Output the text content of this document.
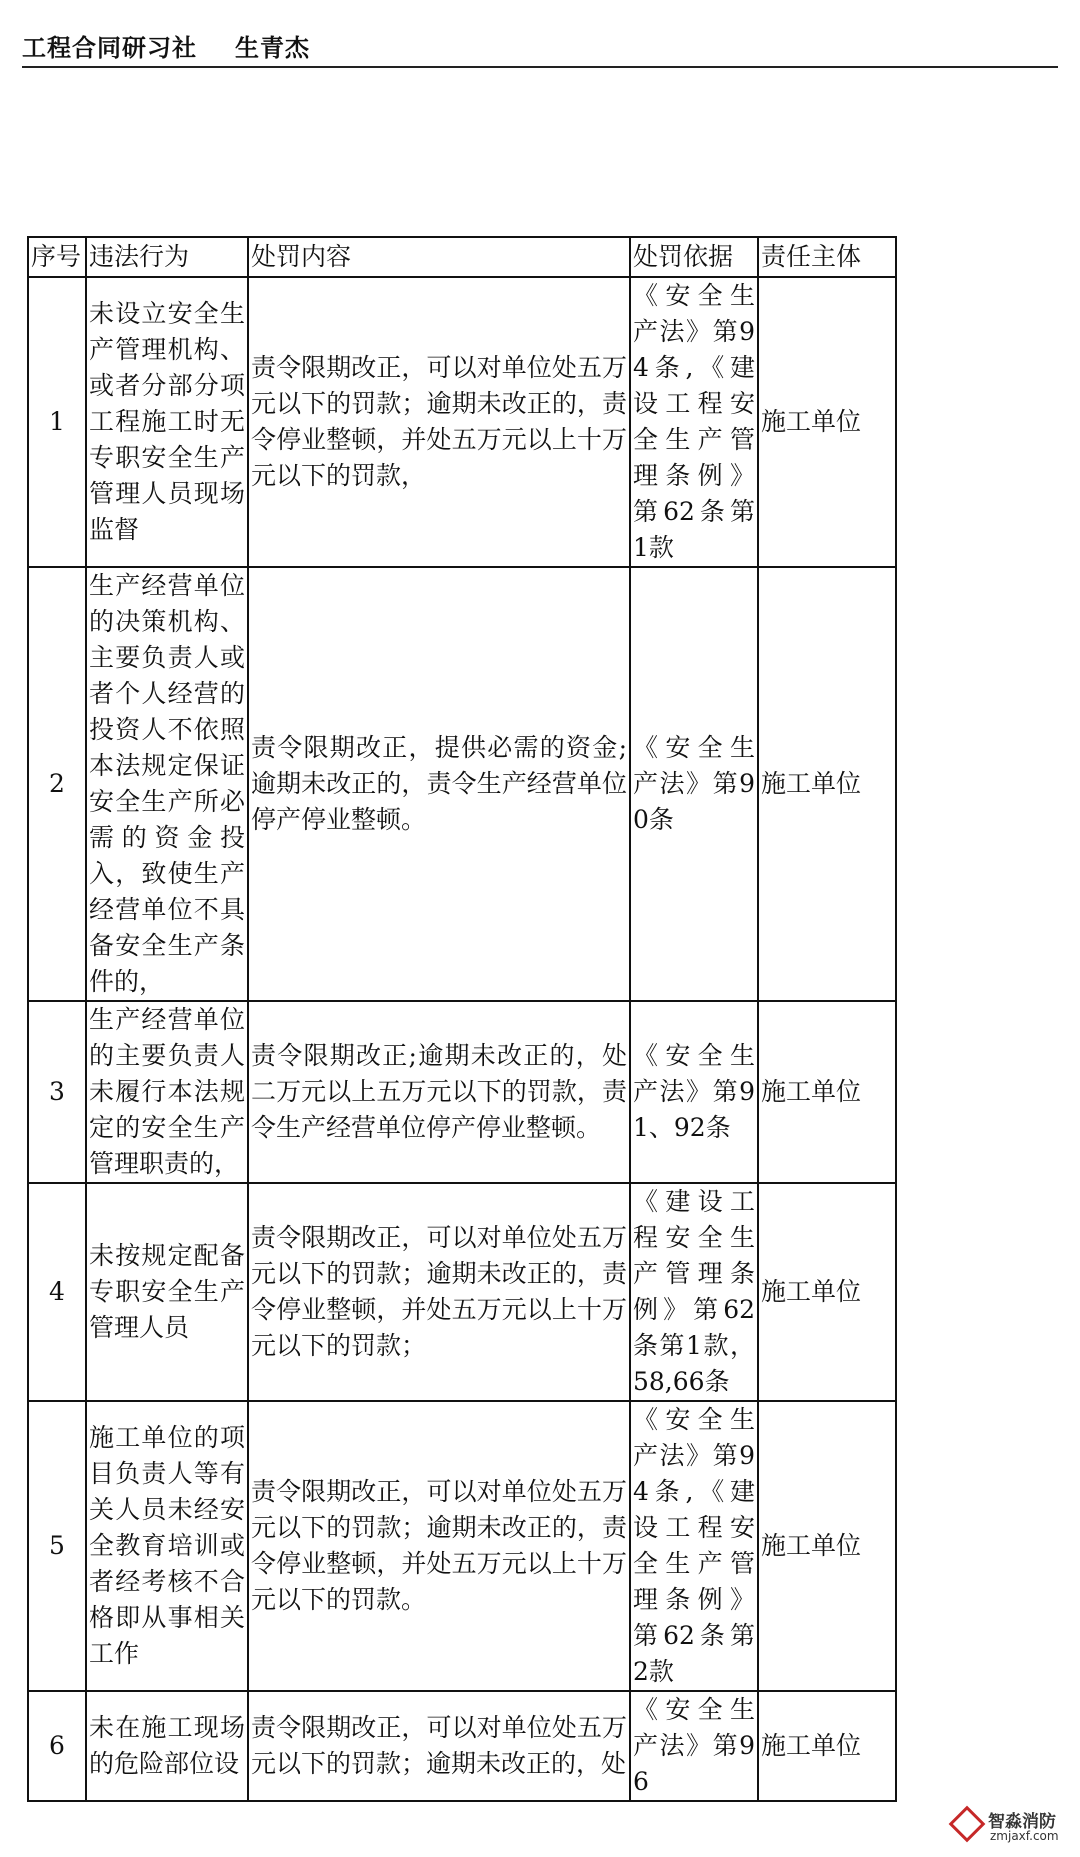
工程合同研习社 生青杰
序号	违法行为	处罚内容	处罚依据	责任主体
1	未设立安全生产管理机构、或者分部分项工程施工时无专职安全生产管理人员现场监督	责令限期改正，可以对单位处五万元以下的罚款；逾期未改正的，责令停业整顿，并处五万元以上十万元以下的罚款，	《安全生产法》第94条,《建设工程安全生产管理条例》第62条第1款	施工单位
2	生产经营单位的决策机构、主要负责人或者个人经营的投资人不依照本法规定保证安全生产所必需的资金投入，致使生产经营单位不具备安全生产条件的，	责令限期改正，提供必需的资金;逾期未改正的，责令生产经营单位停产停业整顿。	《安全生产法》第90条	施工单位
3	生产经营单位的主要负责人未履行本法规定的安全生产管理职责的，	责令限期改正;逾期未改正的，处二万元以上五万元以下的罚款，责令生产经营单位停产停业整顿。	《安全生产法》第91、92条	施工单位
4	未按规定配备专职安全生产管理人员	责令限期改正，可以对单位处五万元以下的罚款；逾期未改正的，责令停业整顿，并处五万元以上十万元以下的罚款；	《建设工程安全生产管理条例》第62条第1款，58,66条	施工单位
5	施工单位的项目负责人等有关人员未经安全教育培训或者经考核不合格即从事相关工作	责令限期改正，可以对单位处五万元以下的罚款；逾期未改正的，责令停业整顿，并处五万元以上十万元以下的罚款。	《安全生产法》第94条,《建设工程安全生产管理条例》第62条第2款	施工单位
6	未在施工现场的危险部位设	责令限期改正，可以对单位处五万元以下的罚款；逾期未改正的，处	《安全生产法》第96	施工单位
智淼消防
zmjaxf.com
